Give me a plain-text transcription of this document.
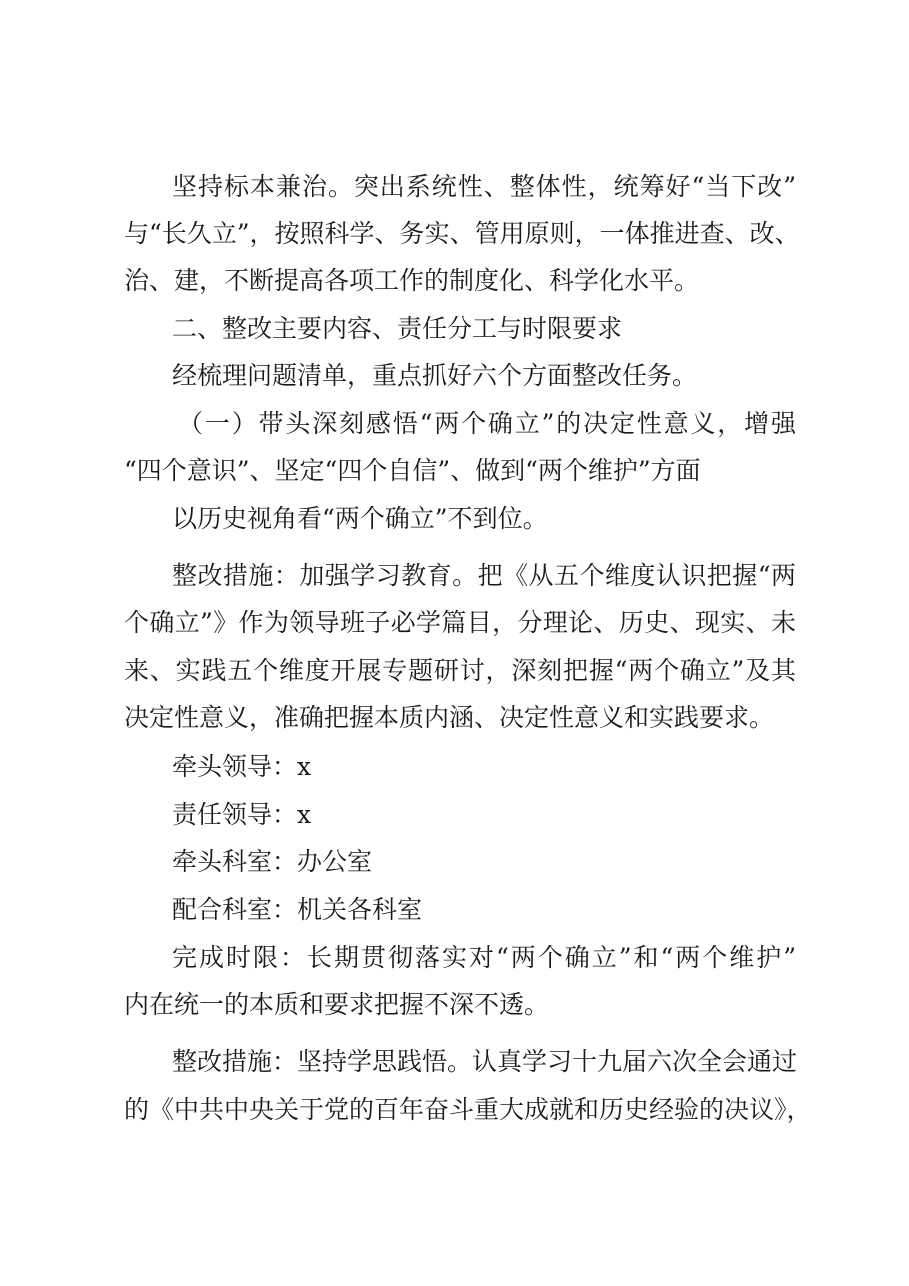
坚持标本兼治。突出系统性、整体性，统筹好“当下改”
与“长久立”，按照科学、务实、管用原则，一体推进查、改、
治、建，不断提高各项工作的制度化、科学化水平。
二、整改主要内容、责任分工与时限要求
经梳理问题清单，重点抓好六个方面整改任务。
（一）带头深刻感悟“两个确立”的决定性意义，增强
“四个意识”、坚定“四个自信”、做到“两个维护”方面
以历史视角看“两个确立”不到位。
整改措施：加强学习教育。把《从五个维度认识把握“两
个确立”》作为领导班子必学篇目，分理论、历史、现实、未
来、实践五个维度开展专题研讨，深刻把握“两个确立”及其
决定性意义，准确把握本质内涵、决定性意义和实践要求。
牵头领导：x
责任领导：x
牵头科室：办公室
配合科室：机关各科室
完成时限：长期贯彻落实对“两个确立”和“两个维护”
内在统一的本质和要求把握不深不透。
整改措施：坚持学思践悟。认真学习十九届六次全会通过
的《中共中央关于党的百年奋斗重大成就和历史经验的决议》，
